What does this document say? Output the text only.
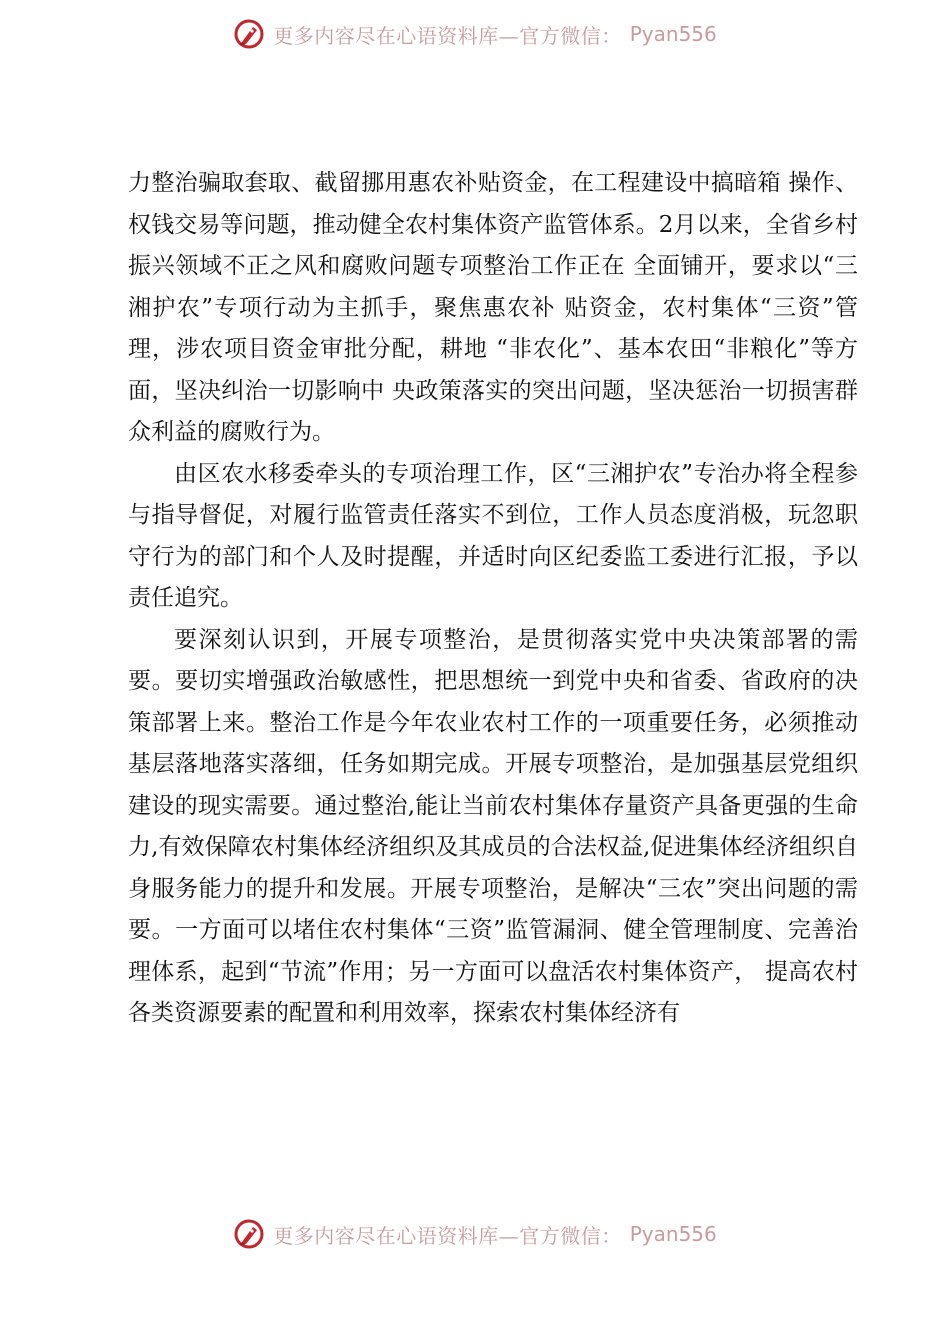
更多内容尽在心语资料库—官方微信： Pyan556

力整治骗取套取、截留挪用惠农补贴资金，在工程建设中搞暗箱 操作、权钱交易等问题，推动健全农村集体资产监管体系。2月以来，全省乡村振兴领域不正之风和腐败问题专项整治工作正在 全面铺开，要求以“三湘护农”专项行动为主抓手，聚焦惠农补 贴资金，农村集体“三资”管理，涉农项目资金审批分配，耕地 “非农化”、基本农田“非粮化”等方面，坚决纠治一切影响中 央政策落实的突出问题，坚决惩治一切损害群众利益的腐败行为。

由区农水移委牵头的专项治理工作，区“三湘护农”专治办将全程参与指导督促，对履行监管责任落实不到位，工作人员态度消极，玩忽职守行为的部门和个人及时提醒，并适时向区纪委监工委进行汇报，予以责任追究。

要深刻认识到，开展专项整治，是贯彻落实党中央决策部署的需要。要切实增强政治敏感性，把思想统一到党中央和省委、省政府的决策部署上来。整治工作是今年农业农村工作的一项重要任务，必须推动基层落地落实落细，任务如期完成。开展专项整治，是加强基层党组织建设的现实需要。通过整治,能让当前农村集体存量资产具备更强的生命力,有效保障农村集体经济组织及其成员的合法权益,促进集体经济组织自身服务能力的提升和发展。开展专项整治，是解决“三农”突出问题的需要。一方面可以堵住农村集体“三资”监管漏洞、健全管理制度、完善治理体系，起到“节流”作用；另一方面可以盘活农村集体资产， 提高农村各类资源要素的配置和利用效率，探索农村集体经济有

更多内容尽在心语资料库—官方微信： Pyan556
